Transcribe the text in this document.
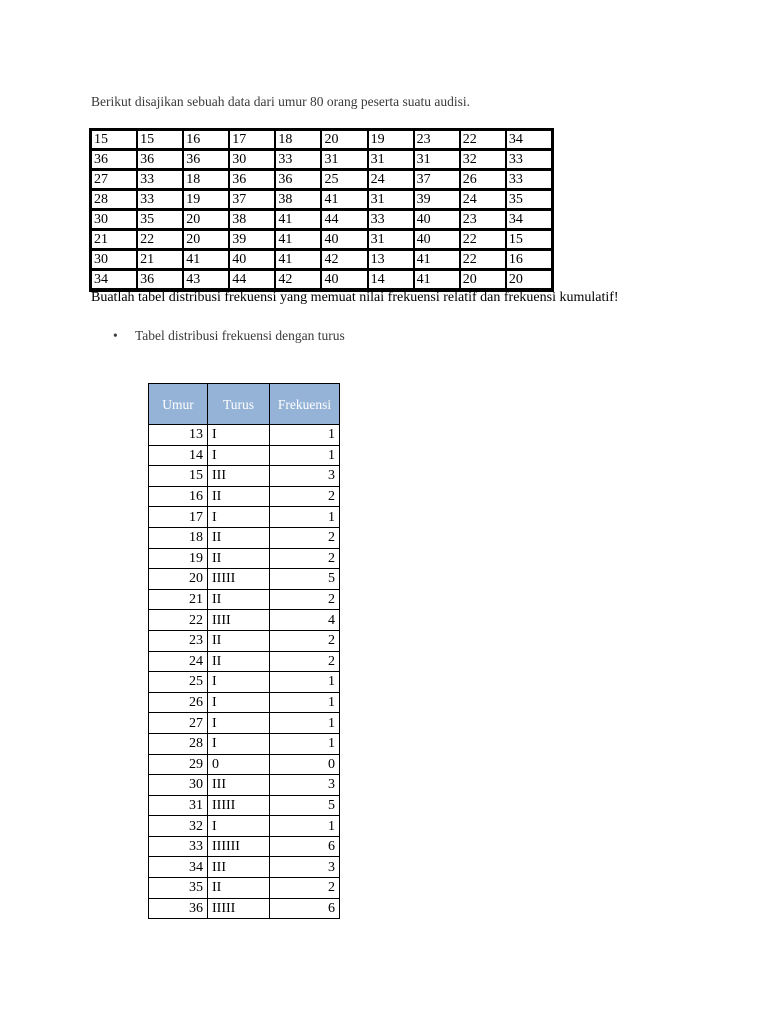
Berikut disajikan sebuah data dari umur 80 orang peserta suatu audisi.

15	15	16	17	18	20	19	23	22	34
36	36	36	30	33	31	31	31	32	33
27	33	18	36	36	25	24	37	26	33
28	33	19	37	38	41	31	39	24	35
30	35	20	38	41	44	33	40	23	34
21	22	20	39	41	40	31	40	22	15
30	21	41	40	41	42	13	41	22	16
34	36	43	44	42	40	14	41	20	20

Buatlah tabel distribusi frekuensi yang memuat nilai frekuensi relatif dan frekuensi kumulatif!

• Tabel distribusi frekuensi dengan turus

Umur	Turus	Frekuensi
13	I	1
14	I	1
15	III	3
16	II	2
17	I	1
18	II	2
19	II	2
20	IIIII	5
21	II	2
22	IIII	4
23	II	2
24	II	2
25	I	1
26	I	1
27	I	1
28	I	1
29	0	0
30	III	3
31	IIIII	5
32	I	1
33	IIIIII	6
34	III	3
35	II	2
36	IIIII	6
